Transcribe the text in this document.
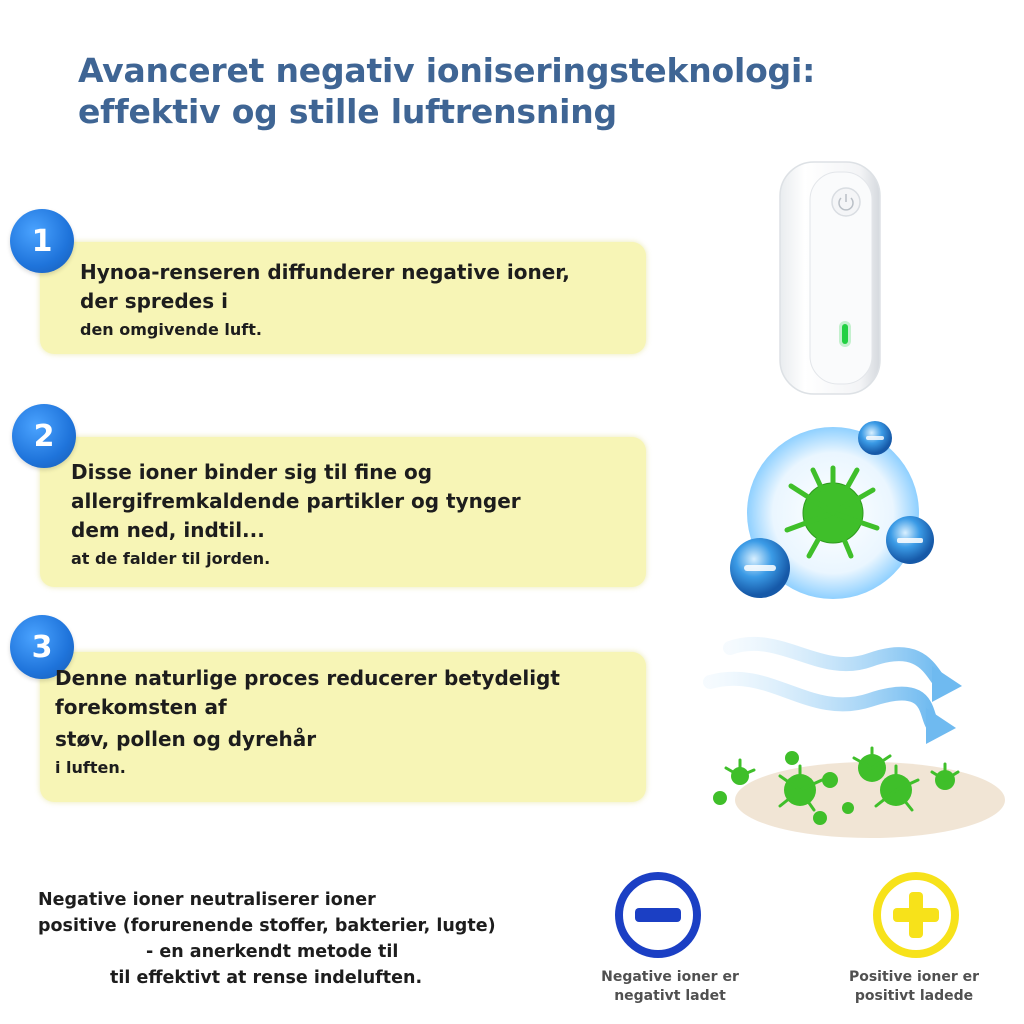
Avanceret negativ ioniseringsteknologi:
effektiv og stille luftrensning
1
Hynoa-renseren diffunderer negative ioner,
der spredes i
den omgivende luft.
2
Disse ioner binder sig til fine og
allergifremkaldende partikler og tynger
dem ned, indtil...
at de falder til jorden.
3
Denne naturlige proces reducerer betydeligt
forekomsten af
støv, pollen og dyrehår
i luften.
Negative ioner neutraliserer ioner
positive (forurenende stoffer, bakterier, lugte)
- en anerkendt metode til
til effektivt at rense indeluften.	Negative ioner er
negativt ladet
Positive ioner er
positivt ladede
